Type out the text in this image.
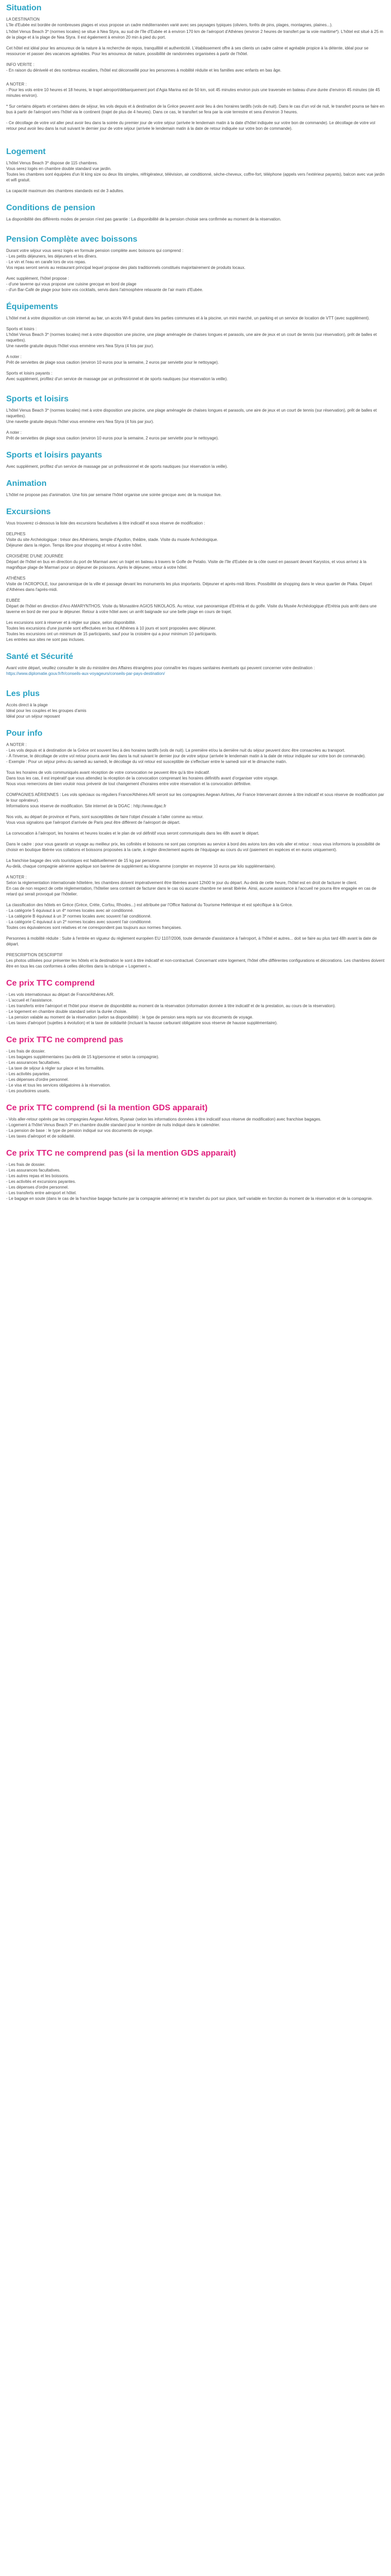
Situation
LA DESTINATION

L'île d'Eubée est bordée de nombreuses plages et vous propose un cadre méditerranéen varié avec ses paysages typiques (oliviers, forêts de pins, plages, montagnes, plaines...).

L'hôtel Venus Beach 3* (normes locales) se situe à Nea Styra, au sud de l'île d'Eubée et à environ 170 km de l'aéroport d'Athènes (environ 2 heures de transfert par la voie maritime*). L'hôtel est situé à 25 m de la plage et à la plage de Nea Styra. Il est également à environ 20 min à pied du port.

Cet hôtel est idéal pour les amoureux de la nature à la recherche de repos, tranquillité et authenticité. L'établissement offre à ses clients un cadre calme et agréable propice à la détente, idéal pour se ressourcer et passer des vacances agréables. Pour les amoureux de nature, possibilité de randonnées organisées à partir de l'hôtel.

INFO VERITE :

- En raison du dénivelé et des nombreux escaliers, l'hôtel est déconseillé pour les personnes à mobilité réduite et les familles avec enfants en bas âge.

A NOTER :

- Pour les vols entre 10 heures et 18 heures, le trajet aéroport/débarquement port d'Agia Marina est de 50 km, soit 45 minutes environ puis une traversée en bateau d'une durée d'environ 45 minutes (de 45 minutes environ).

* Sur certains départs et certaines dates de séjour, les vols depuis et à destination de la Grèce peuvent avoir lieu à des horaires tardifs (vols de nuit). Dans le cas d'un vol de nuit, le transfert pourra se faire en bus à partir de l'aéroport vers l'hôtel via le continent (trajet de plus de 4 heures). Dans ce cas, le transfert se fera par la voie terrestre et sera d'environ 3 heures.

- Ce décollage de votre vol aller peut avoir lieu dans la soirée du premier jour de votre séjour (arrivée le lendemain matin à la date d'hôtel indiquée sur votre bon de commande). Le décollage de votre vol retour peut avoir lieu dans la nuit suivant le dernier jour de votre séjour (arrivée le lendemain matin à la date de retour indiquée sur votre bon de commande).

Logement

L'hôtel Venus Beach 3* dispose de 115 chambres.
Vous serez logés en chambre double standard vue jardin.
Toutes les chambres sont équipées d'un lit king size ou deux lits simples, réfrigérateur, télévision, air conditionné, sèche-cheveux, coffre-fort, téléphone (appels vers l'extérieur payants), balcon avec vue jardin et wifi gratuit.

La capacité maximum des chambres standards est de 3 adultes.

Conditions de pension

La disponibilité des différents modes de pension n'est pas garantie : La disponibilité de la pension choisie sera confirmée au moment de la réservation.

Pension Complète avec boissons

Durant votre séjour vous serez logés en formule pension complète avec boissons qui comprend :
- Les petits déjeuners, les déjeuners et les dîners.
- Le vin et l'eau en carafe lors de vos repas.
Vos repas seront servis au restaurant principal lequel propose des plats traditionnels constitués majoritairement de produits locaux.

Avec supplément, l'hôtel propose :
- d'une taverne qui vous propose une cuisine grecque en bord de plage
- d'un Bar-Café de plage pour boire vos cocktails, servis dans l'atmosphère relaxante de l'air marin d'Eubée.

Équipements

L'hôtel met à votre disposition un coin internet au bar, un accès Wi-fi gratuit dans les parties communes et à la piscine, un mini marché, un parking et un service de location de VTT (avec supplément).

Sports et loisirs :

L'hôtel Venus Beach 3* (normes locales) met à votre disposition une piscine, une plage aménagée de chaises longues et parasols, une aire de jeux et un court de tennis (sur réservation), prêt de balles et raquettes).
Une navette gratuite depuis l'hôtel vous emmène vers Nea Styra (4 fois par jour).

A noter :

Prêt de serviettes de plage sous caution (environ 10 euros pour la semaine, 2 euros par serviette pour le nettoyage).

Sports et loisirs payants :

Avec supplément, profitez d'un service de massage par un professionnel et de sports nautiques (sur réservation la veille).

Sports et loisirs

L'hôtel Venus Beach 3* (normes locales) met à votre disposition une piscine, une plage aménagée de chaises longues et parasols, une aire de jeux et un court de tennis (sur réservation), prêt de balles et raquettes).
Une navette gratuite depuis l'hôtel vous emmène vers Nea Styra (4 fois par jour).

A noter :

Prêt de serviettes de plage sous caution (environ 10 euros pour la semaine, 2 euros par serviette pour le nettoyage).

Sports et loisirs payants

Avec supplément, profitez d'un service de massage par un professionnel et de sports nautiques (sur réservation la veille).

Animation

L'hôtel ne propose pas d'animation. Une fois par semaine l'hôtel organise une soirée grecque avec de la musique live.

Excursions

Vous trouverez ci-dessous la liste des excursions facultatives à titre indicatif et sous réserve de modification :

DELPHES

Visite du site Archéologique : trésor des Athéniens, temple d'Apollon, théâtre, stade. Visite du musée Archéologique.
Déjeuner dans la région. Temps libre pour shopping et retour à votre hôtel.

CROISIÈRE D'UNE JOURNÉE

Départ de l'hôtel en bus en direction du port de Marmari avec un trajet en bateau à travers le Golfe de Petalio. Visite de l'île d'Eubée de la côte ouest en passant devant Karystos, et vous arrivez à la magnifique plage de Marmari pour un déjeuner de poissons. Après le déjeuner, retour à votre hôtel.

ATHÈNES

Visite de l'ACROPOLE, tour panoramique de la ville et passage devant les monuments les plus importants. Déjeuner et après-midi libres. Possibilité de shopping dans le vieux quartier de Plaka. Départ d'Athènes dans l'après-midi.

EUBÉE

Départ de l'hôtel en direction d'Ano AMARYNTHOS. Visite du Monastère AGIOS NIKOLAOS. Au retour, vue panoramique d'Erétria et du golfe. Visite du Musée Archéologique d'Erétria puis arrêt dans une taverne en bord de mer pour le déjeuner. Retour à votre hôtel avec un arrêt baignade sur une belle plage en cours de trajet.

Les excursions sont à réserver et à régler sur place, selon disponibilité.
Toutes les excursions d'une journée sont effectuées en bus et Athènes à 10 jours et sont proposées avec déjeuner.
Toutes les excursions ont un minimum de 15 participants, sauf pour la croisière qui a pour minimum 10 participants.
Les entrées aux sites ne sont pas incluses.

Santé et Sécurité

Avant votre départ, veuillez consulter le site du ministère des Affaires étrangères pour connaître les risques sanitaires éventuels qui peuvent concerner votre destination : https://www.diplomatie.gouv.fr/fr/conseils-aux-voyageurs/conseils-par-pays-destination/

Les plus

Accès direct à la plage
Idéal pour les couples et les groupes d'amis
Idéal pour un séjour reposant

Pour info
A NOTER :

- Les vols depuis et à destination de la Grèce ont souvent lieu à des horaires tardifs (vols de nuit). La première et/ou la dernière nuit du séjour peuvent donc être consacrées au transport.
- À l'inverse, le décollage de votre vol retour pourra avoir lieu dans la nuit suivant le dernier jour de votre séjour (arrivée le lendemain matin à la date de retour indiquée sur votre bon de commande).
- Exemple : Pour un séjour prévu du samedi au samedi, le décollage du vol retour est susceptible de s'effectuer entre le samedi soir et le dimanche matin.

Tous les horaires de vols communiqués avant réception de votre convocation ne peuvent être qu'à titre indicatif.
Dans tous les cas, il est impératif que vous attendiez la réception de la convocation comprenant les horaires définitifs avant d'organiser votre voyage.
Nous vous remercions de bien vouloir nous prévenir de tout changement d'horaires entre votre réservation et la convocation définitive.

COMPAGNIES AÉRIENNES : Les vols spéciaux ou réguliers France/Athènes A/R seront sur les compagnies Aegean Airlines, Air France Intervenant donnée à titre indicatif et sous réserve de modification par le tour opérateur).
Informations sous réserve de modification. Site internet de la DGAC : http://www.dgac.fr

Nos vols, au départ de province et Paris, sont susceptibles de faire l'objet d'escale à l'aller comme au retour.
Vous vous signalons que l'aéroport d'arrivée de Paris peut être différent de l'aéroport de départ.

La convocation à l'aéroport, les horaires et heures locales et le plan de vol définitif vous seront communiqués dans les 48h avant le départ.

Dans le cadre : pour vous garantir un voyage au meilleur prix, les cofinités et boissons ne sont pas comprises au service à bord des avions lors des vols aller et retour : nous vous informons la possibilité de choisir en boutique libérée vos collations et boissons proposées à la carte, à régler directement auprès de l'équipage au cours du vol (paiement en espèces et en euros uniquement).

La franchise bagage des vols touristiques est habituellement de 15 kg par personne.
Au-delà, chaque compagnie aérienne applique son barème de supplément au kilogramme (compter en moyenne 10 euros par kilo supplémentaire).

A NOTER :
Selon la réglementation internationale hôtelière, les chambres doivent impérativement être libérées avant 12h00 le jour du départ. Au-delà de cette heure, l'hôtel est en droit de facturer le client.
En cas de non respect de cette réglementation, l'hôtelier sera contraint de facturer dans le cas où aucune chambre ne serait libérée. Ainsi, aucune assistance à l'accueil ne pourra être engagée en cas de retard qui serait provoqué par l'hôtelier.

La classification des hôtels en Grèce (Grèce, Crète, Corfou, Rhodes...) est attribuée par l'Office National du Tourisme Hellénique et est spécifique à la Grèce.
- La catégorie 5 équivaut à un 4* normes locales avec air conditionné.
- La catégorie B équivaut à un 3* normes locales avec souvent l'air conditionné.
- La catégorie C équivaut à un 2* normes locales avec souvent l'air conditionné.
Toutes ces équivalences sont relatives et ne correspondent pas toujours aux normes françaises.

Personnes à mobilité réduite : Suite à l'entrée en vigueur du règlement européen EU 1107/2006, toute demande d'assistance à l'aéroport, à l'hôtel et autres... doit se faire au plus tard 48h avant la date de départ.

PRESCRIPTION DESCRIPTIF

Les photos utilisées pour présenter les hôtels et la destination le sont à titre indicatif et non-contractuel. Concernant votre logement, l'hôtel offre différentes configurations et décorations. Les chambres doivent être en tous les cas conformes à celles décrites dans la rubrique « Logement ».

Ce prix TTC comprend
- Les vols internationaux au départ de France/Athènes A/R.
- L'accueil et l'assistance.
- Les transferts entre l'aéroport et l'hôtel pour réserve de disponibilité au moment de la réservation (information donnée à titre indicatif et de la prestation, au cours de la réservation).
- Le logement en chambre double standard selon la durée choisie.
- La pension valable au moment de la réservation (selon sa disponibilité) : le type de pension sera repris sur vos documents de voyage.
- Les taxes d'aéroport (sujettes à évolution) et la taxe de solidarité (incluant la hausse carburant obligatoire sous réserve de hausse supplémentaire).
Ce prix TTC ne comprend pas
- Les frais de dossier.
- Les bagages supplémentaires (au-delà de 15 kg/personne et selon la compagnie).
- Les assurances facultatives.
- La taxe de séjour à régler sur place et les formalités.
- Les activités payantes.
- Les dépenses d'ordre personnel.
- Le visa et tous les services obligatoires à la réservation.
- Les pourboires usuels.
Ce prix TTC comprend (si la mention GDS apparait)
- Vols aller-retour opérés par les compagnies Aegean Airlines, Ryanair (selon les informations données à titre indicatif sous réserve de modification) avec franchise bagages.
- Logement à l'hôtel Venus Beach 3* en chambre double standard pour le nombre de nuits indiqué dans le calendrier.
- La pension de base : le type de pension indiqué sur vos documents de voyage.
- Les taxes d'aéroport et de solidarité.
Ce prix TTC ne comprend pas (si la mention GDS apparait)
- Les frais de dossier.
- Les assurances facultatives.
- Les autres repas et les boissons.
- Les activités et excursions payantes.
- Les dépenses d'ordre personnel.
- Les transferts entre aéroport et hôtel.
- Le bagage en soute (dans le cas de la franchise bagage facturée par la compagnie aérienne) et le transfert du port sur place, tarif variable en fonction du moment de la réservation et de la compagnie.
